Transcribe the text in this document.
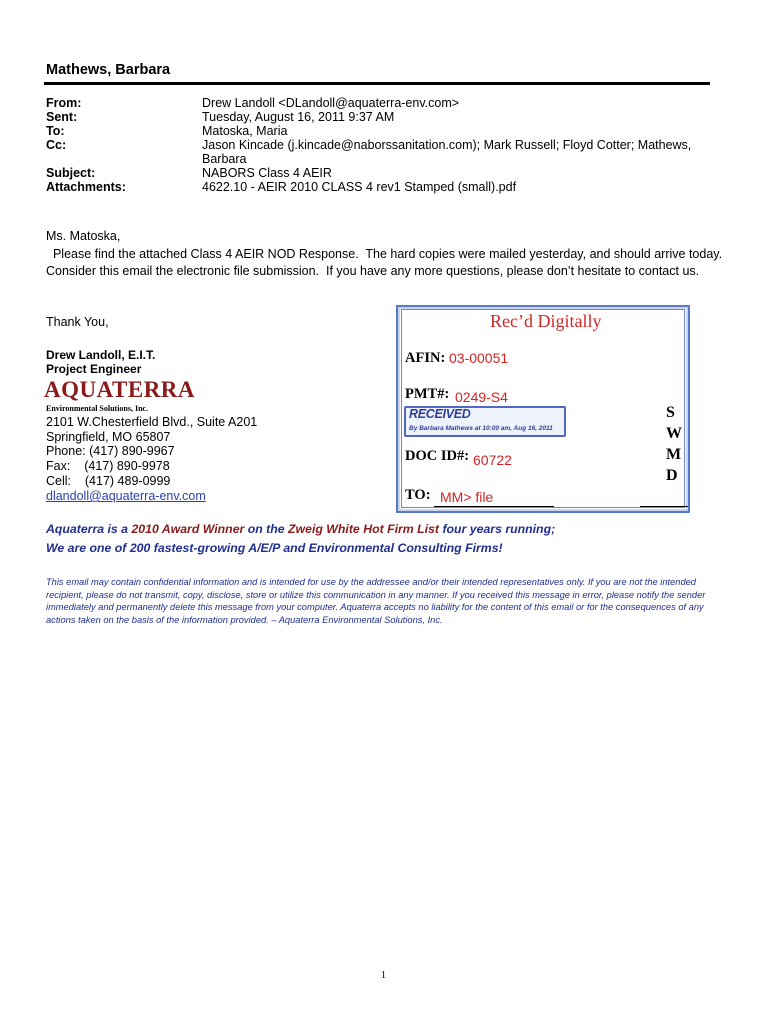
Mathews, Barbara
From:	Drew Landoll <DLandoll@aquaterra-env.com>
Sent:	Tuesday, August 16, 2011 9:37 AM
To:	Matoska, Maria
Cc:	Jason Kincade (j.kincade@naborssanitation.com); Mark Russell; Floyd Cotter; Mathews,
Barbara
Subject:	NABORS Class 4 AEIR
Attachments:	4622.10 - AEIR 2010 CLASS 4 rev1 Stamped (small).pdf

Ms. Matoska,

Please find the attached Class 4 AEIR NOD Response.  The hard copies were mailed yesterday, and should arrive today.   Consider this email the electronic file submission.  If you have any more questions, please don’t hesitate to contact us.

Thank You,
Drew Landoll, E.I.T.
Project Engineer
AQUATERRA
Environmental Solutions, Inc.
2101 W.Chesterfield Blvd., Suite A201
Springfield, MO 65807
Phone: (417) 890-9967
Fax:    (417) 890-9978
Cell:    (417) 489-0999
dlandoll@aquaterra-env.com
Rec’d Digitally
AFIN: 03-00051
PMT#: 0249-S4
RECEIVED
By Barbara Mathews at 10:00 am, Aug 16, 2011
DOC ID#: 60722
TO: MM> file
S
W
M
D
Aquaterra is a 2010 Award Winner on the Zweig White Hot Firm List four years running;
We are one of 200 fastest-growing A/E/P and Environmental Consulting Firms!
This email may contain confidential information and is intended for use by the addressee and/or their intended representatives only. If you are not the intended recipient, please do not transmit, copy, disclose, store or utilize this communication in any manner. If you received this message in error, please notify the sender immediately and permanently delete this message from your computer. Aquaterra accepts no liability for the content of this email or for the consequences of any actions taken on the basis of the information provided. – Aquaterra Environmental Solutions, Inc.
1
